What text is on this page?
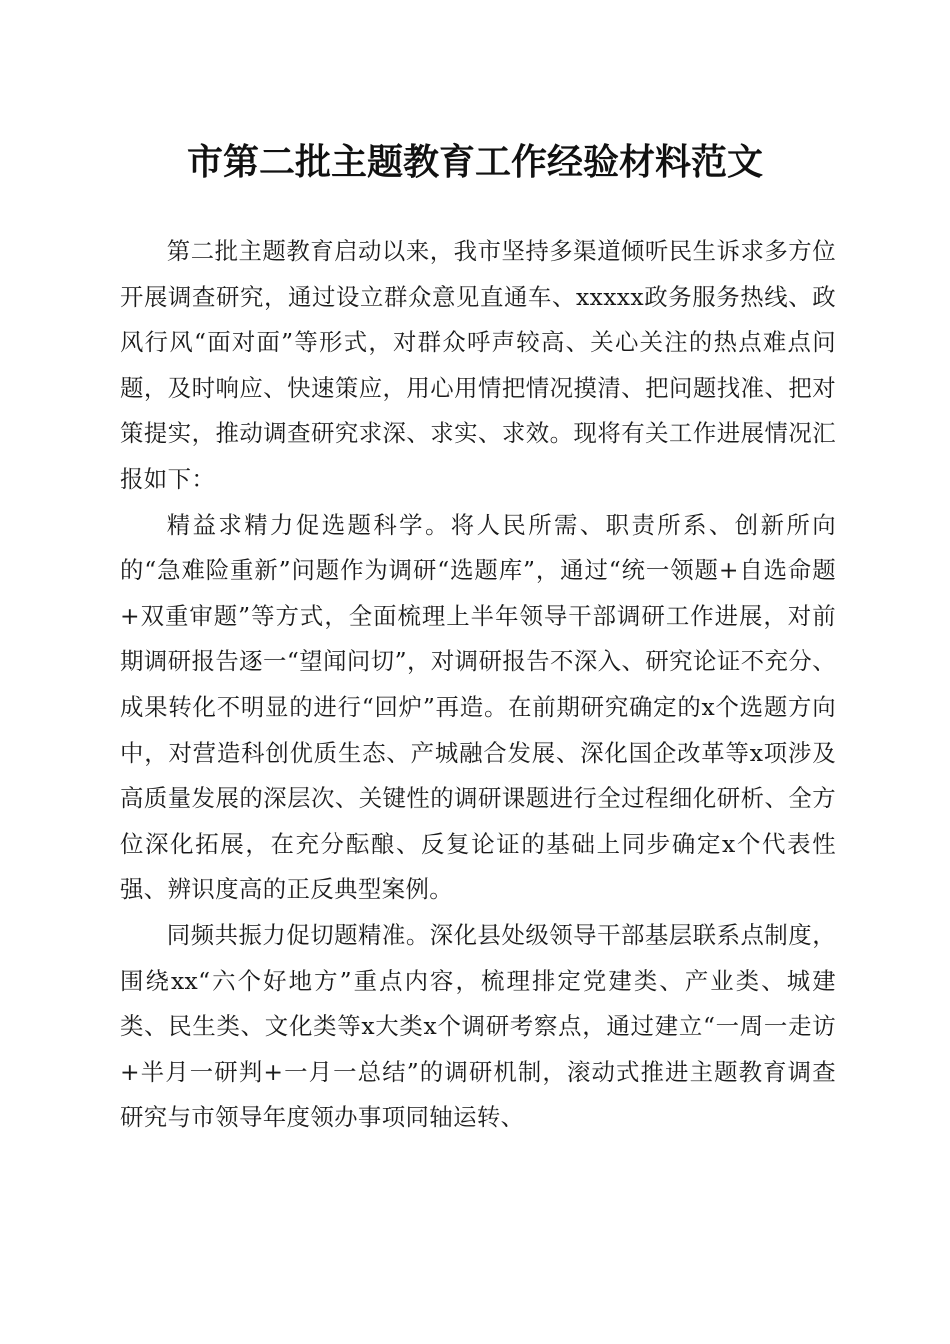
市第二批主题教育工作经验材料范文

第二批主题教育启动以来，我市坚持多渠道倾听民生诉求多方位开展调查研究，通过设立群众意见直通车、xxxxx政务服务热线、政风行风“面对面”等形式，对群众呼声较高、关心关注的热点难点问题，及时响应、快速策应，用心用情把情况摸清、把问题找准、把对策提实，推动调查研究求深、求实、求效。现将有关工作进展情况汇报如下：

精益求精力促选题科学。将人民所需、职责所系、创新所向的“急难险重新”问题作为调研“选题库”，通过“统一领题+自选命题+双重审题”等方式，全面梳理上半年领导干部调研工作进展，对前期调研报告逐一“望闻问切”，对调研报告不深入、研究论证不充分、成果转化不明显的进行“回炉”再造。在前期研究确定的x个选题方向中，对营造科创优质生态、产城融合发展、深化国企改革等x项涉及高质量发展的深层次、关键性的调研课题进行全过程细化研析、全方位深化拓展，在充分酝酿、反复论证的基础上同步确定x个代表性强、辨识度高的正反典型案例。

同频共振力促切题精准。深化县处级领导干部基层联系点制度，围绕xx“六个好地方”重点内容，梳理排定党建类、产业类、城建类、民生类、文化类等x大类x个调研考察点，通过建立“一周一走访+半月一研判+一月一总结”的调研机制，滚动式推进主题教育调查研究与市领导年度领办事项同轴运转、
